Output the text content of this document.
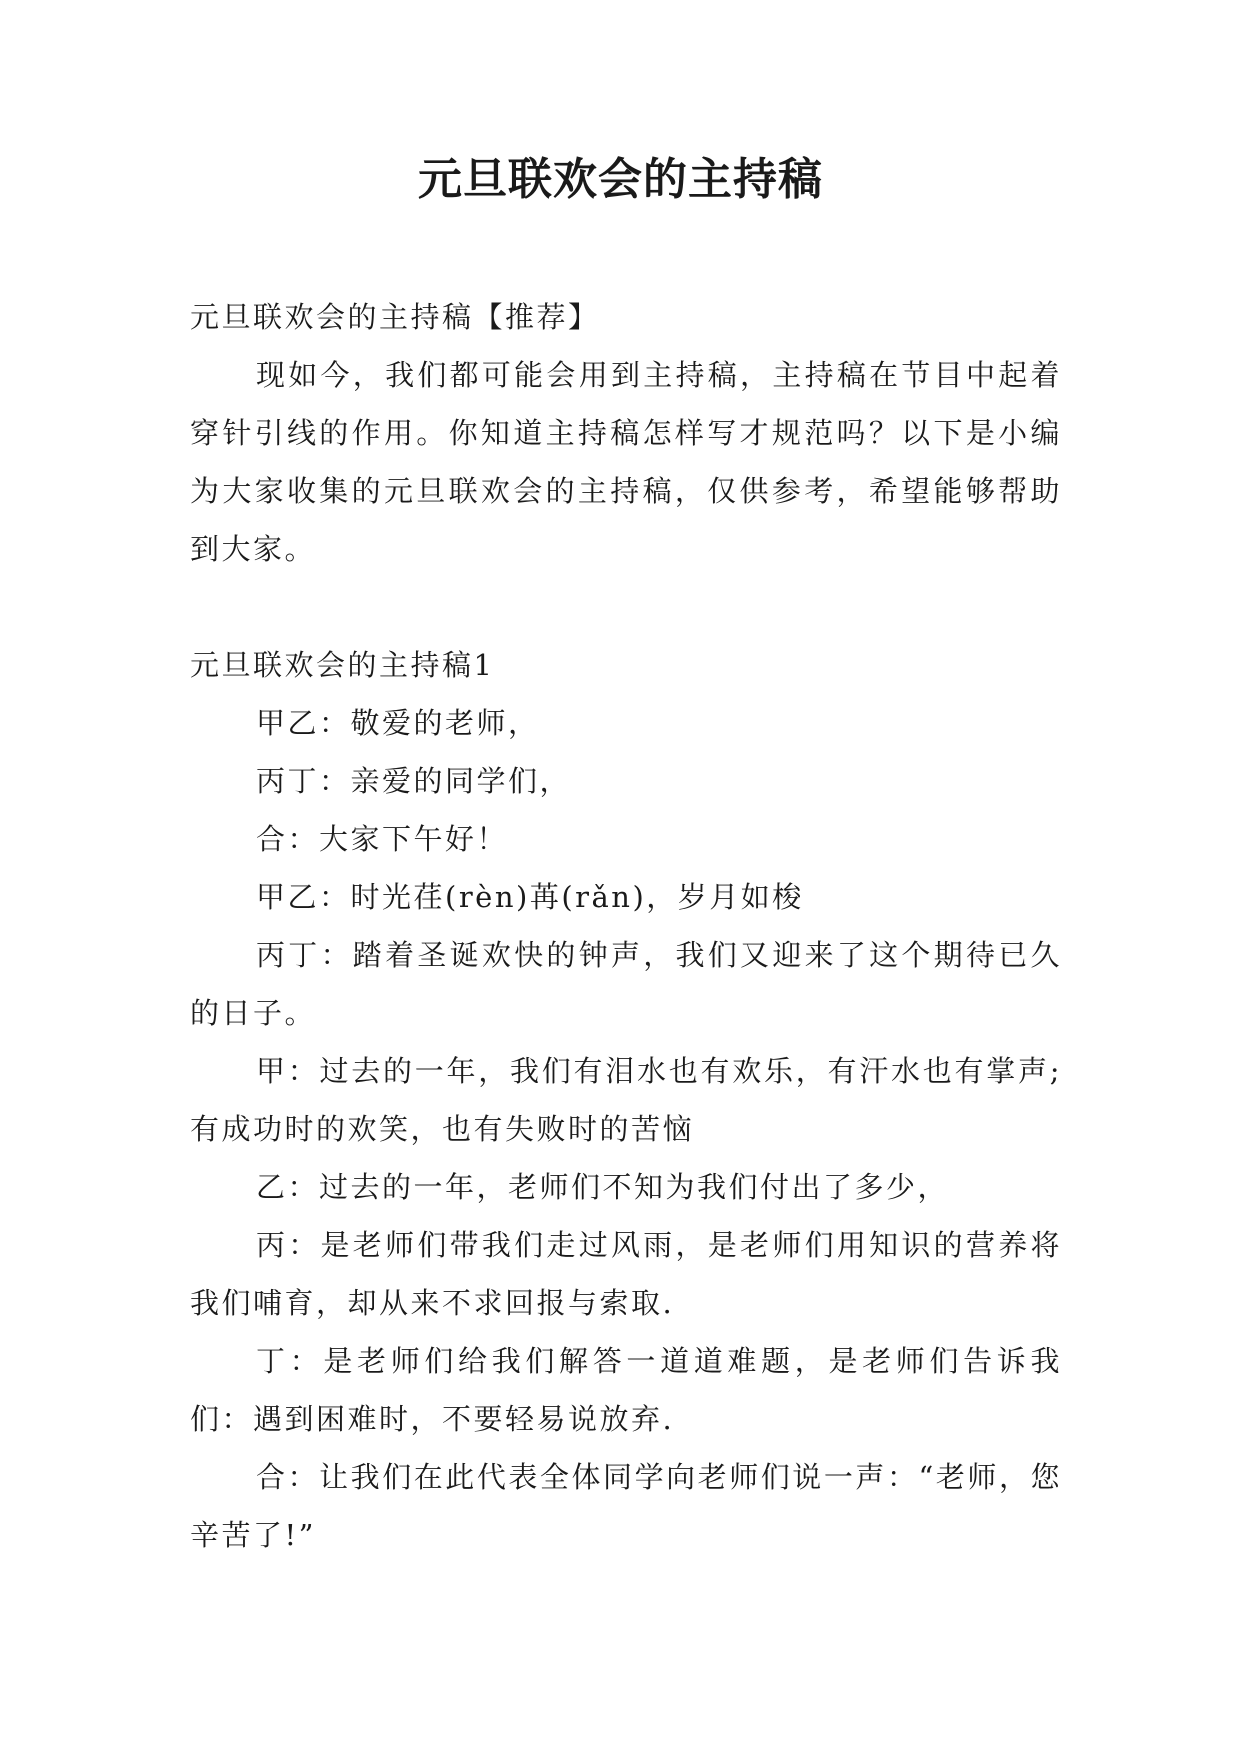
元旦联欢会的主持稿

元旦联欢会的主持稿【推荐】

现如今，我们都可能会用到主持稿，主持稿在节目中起着穿针引线的作用。你知道主持稿怎样写才规范吗？以下是小编为大家收集的元旦联欢会的主持稿，仅供参考，希望能够帮助到大家。

元旦联欢会的主持稿1

甲乙：敬爱的老师，

丙丁：亲爱的同学们，

合：大家下午好！

甲乙：时光荏(rèn)苒(rǎn)，岁月如梭

丙丁：踏着圣诞欢快的钟声，我们又迎来了这个期待已久的日子。

甲：过去的一年，我们有泪水也有欢乐，有汗水也有掌声;有成功时的欢笑，也有失败时的苦恼

乙：过去的一年，老师们不知为我们付出了多少，

丙：是老师们带我们走过风雨，是老师们用知识的营养将我们哺育，却从来不求回报与索取.

丁：是老师们给我们解答一道道难题，是老师们告诉我们：遇到困难时，不要轻易说放弃.

合：让我们在此代表全体同学向老师们说一声：“老师，您辛苦了!”
